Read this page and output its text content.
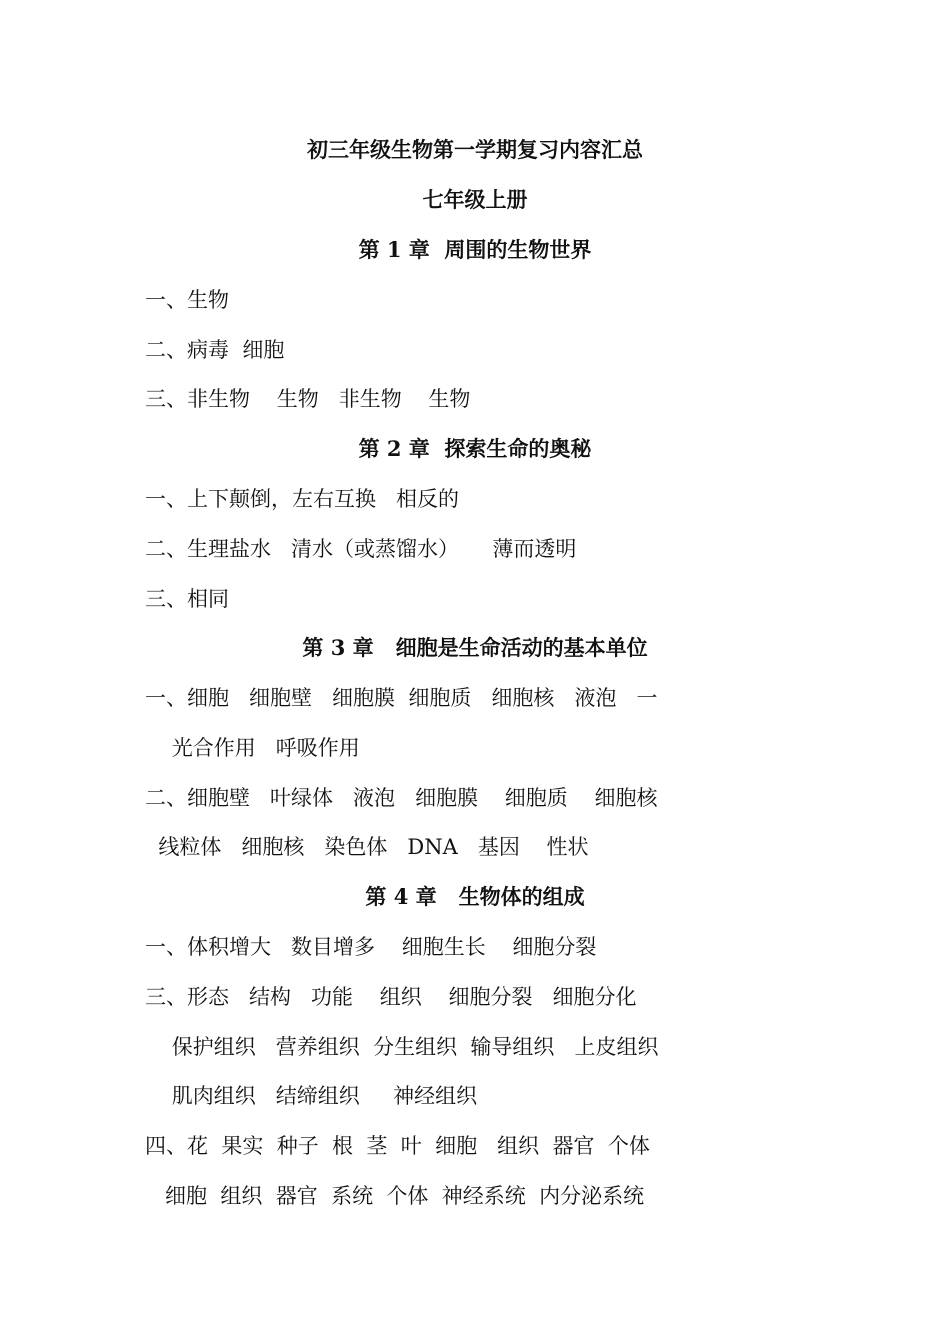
初三年级生物第一学期复习内容汇总
七年级上册
第 1 章  周围的生物世界
一、生物
二、病毒  细胞
三、非生物    生物   非生物    生物
第 2 章  探索生命的奥秘
一、上下颠倒，左右互换   相反的
二、生理盐水   清水（或蒸馏水）     薄而透明
三、相同
第 3 章   细胞是生命活动的基本单位
一、细胞   细胞壁   细胞膜  细胞质   细胞核   液泡   一
光合作用   呼吸作用
二、细胞壁   叶绿体   液泡   细胞膜    细胞质    细胞核
线粒体   细胞核   染色体   DNA   基因    性状
第 4 章   生物体的组成
一、体积增大   数目增多    细胞生长    细胞分裂
三、形态   结构   功能    组织    细胞分裂   细胞分化
保护组织   营养组织  分生组织  输导组织   上皮组织
肌肉组织   结缔组织     神经组织
四、花  果实  种子  根  茎  叶  细胞   组织  器官  个体
细胞  组织  器官  系统  个体  神经系统  内分泌系统
